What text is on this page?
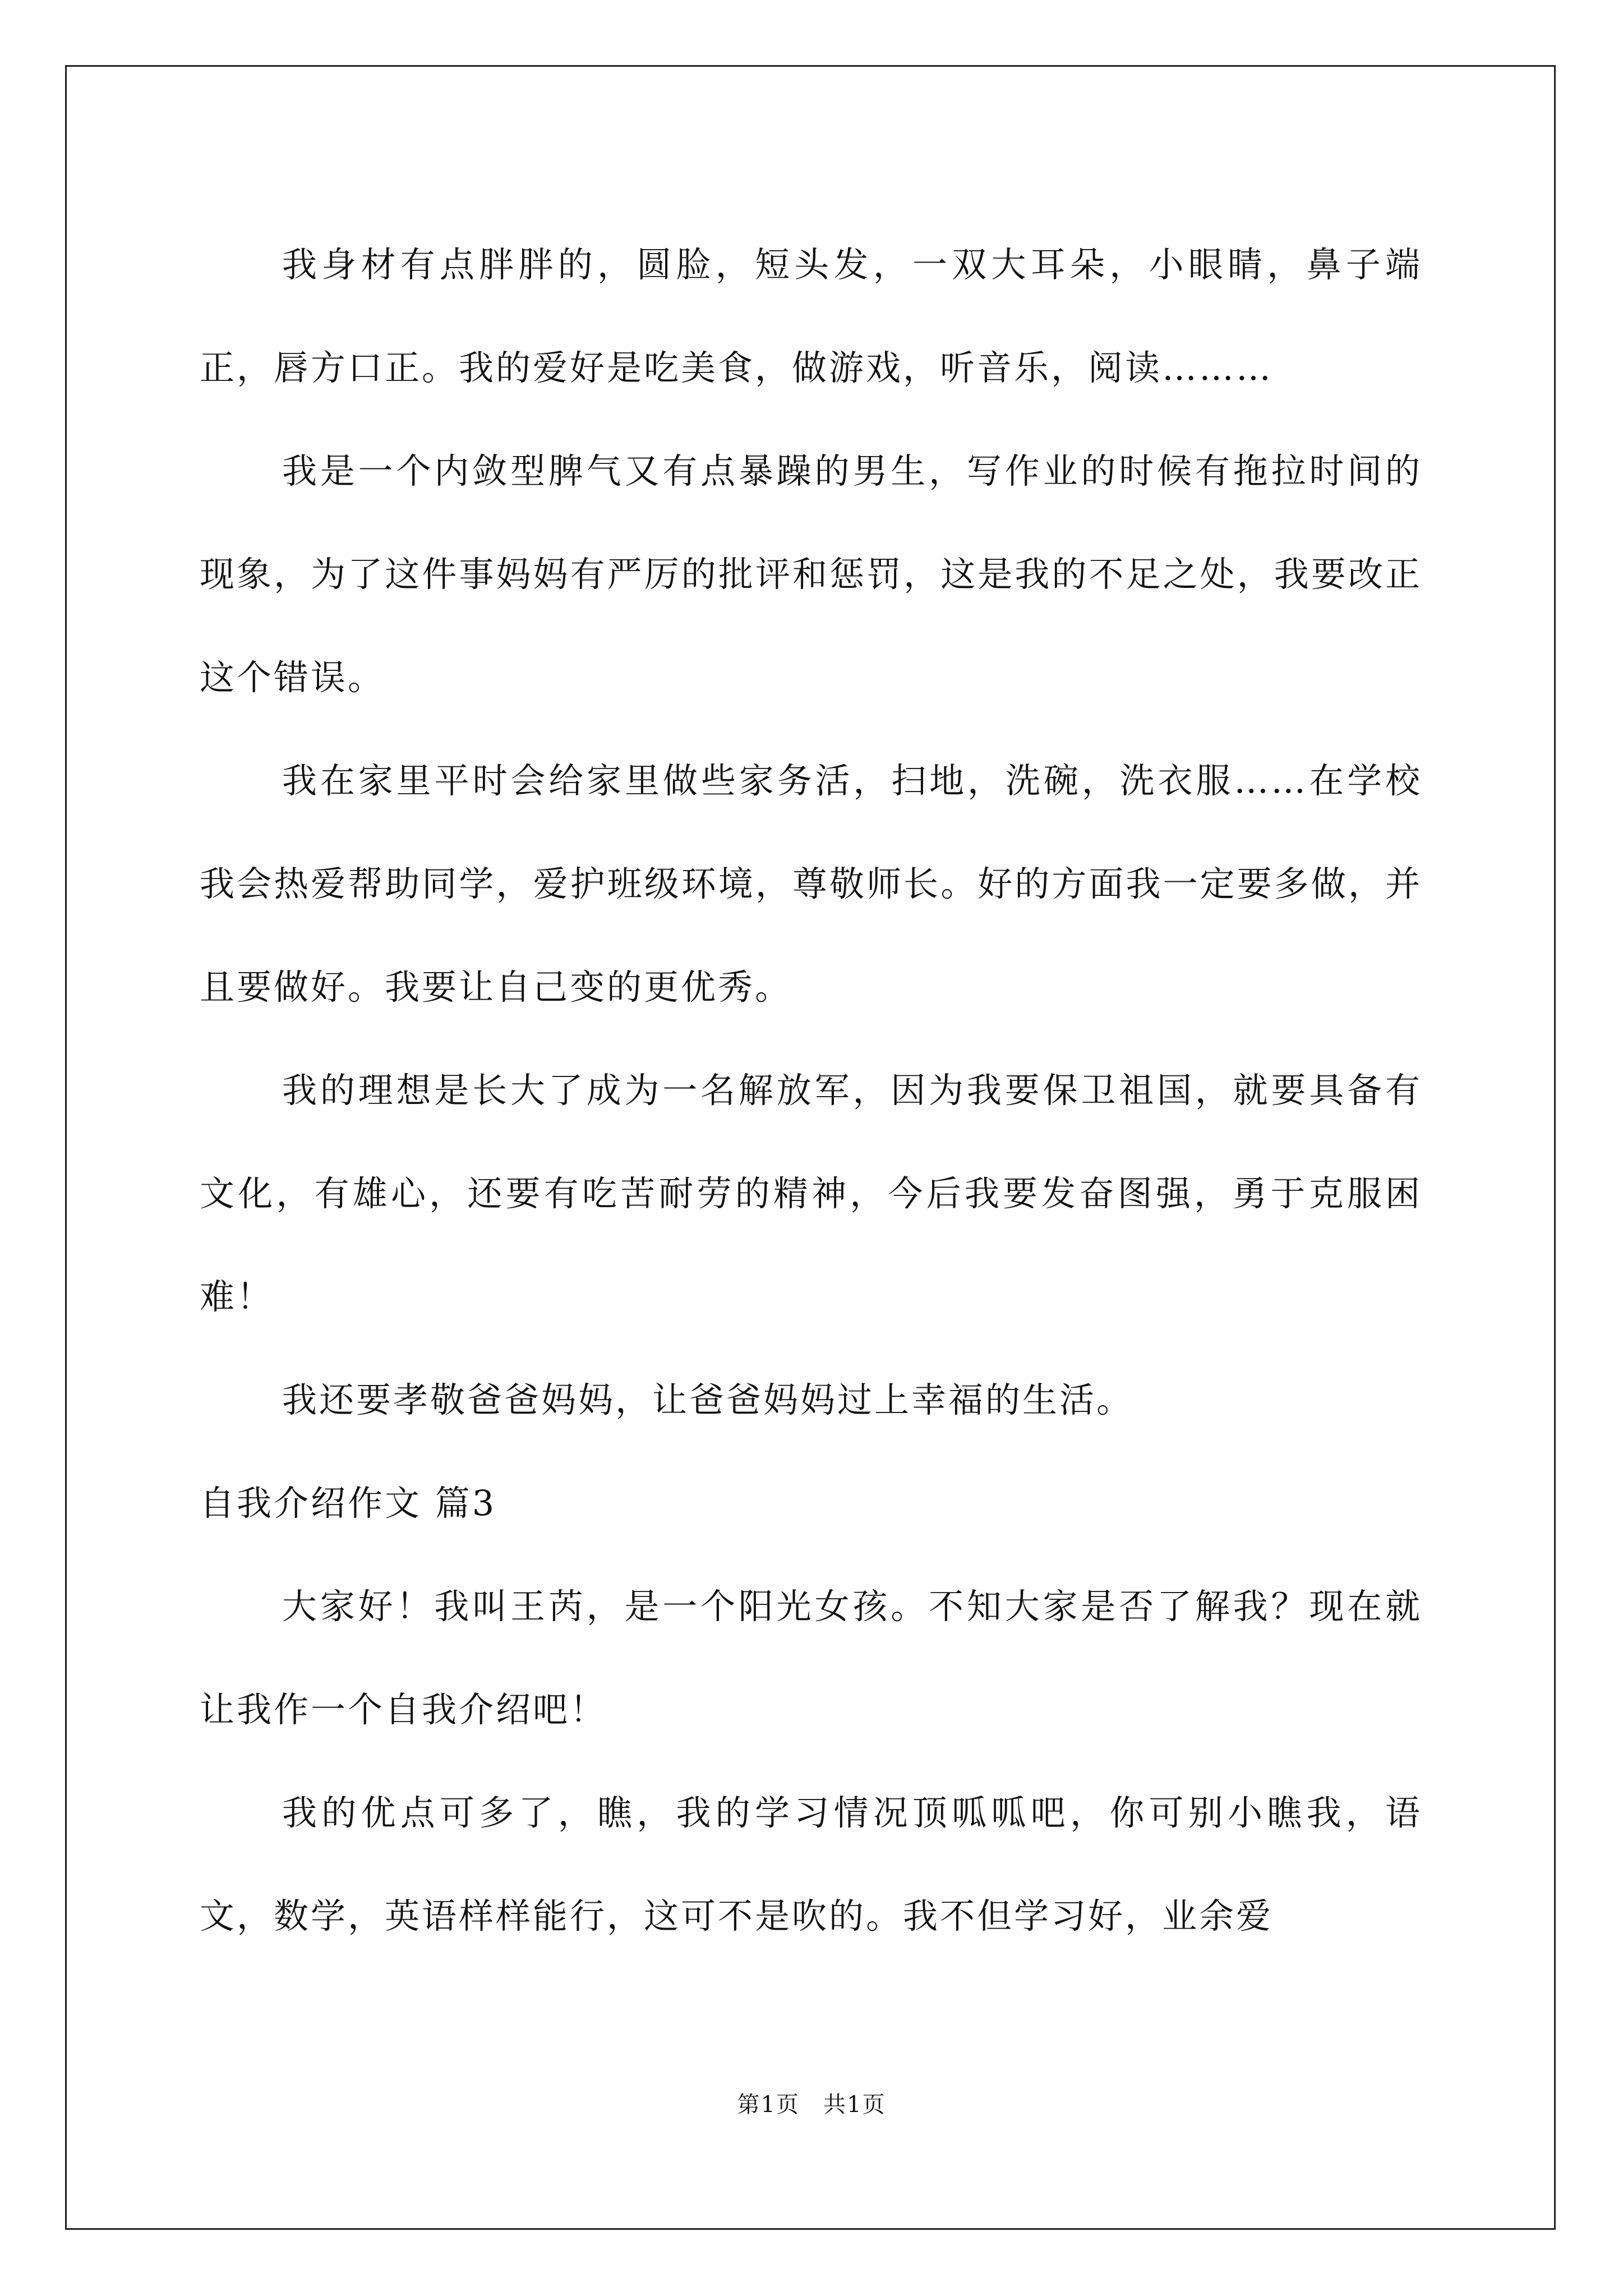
我身材有点胖胖的，圆脸，短头发，一双大耳朵，小眼睛，鼻子端正，唇方口正。我的爱好是吃美食，做游戏，听音乐，阅读………

我是一个内敛型脾气又有点暴躁的男生，写作业的时候有拖拉时间的现象，为了这件事妈妈有严厉的批评和惩罚，这是我的不足之处，我要改正这个错误。

我在家里平时会给家里做些家务活，扫地，洗碗，洗衣服……在学校我会热爱帮助同学，爱护班级环境，尊敬师长。好的方面我一定要多做，并且要做好。我要让自己变的更优秀。

我的理想是长大了成为一名解放军，因为我要保卫祖国，就要具备有文化，有雄心，还要有吃苦耐劳的精神，今后我要发奋图强，勇于克服困难！

我还要孝敬爸爸妈妈，让爸爸妈妈过上幸福的生活。

自我介绍作文 篇3

大家好！我叫王芮，是一个阳光女孩。不知大家是否了解我？现在就让我作一个自我介绍吧！

我的优点可多了，瞧，我的学习情况顶呱呱吧，你可别小瞧我，语文，数学，英语样样能行，这可不是吹的。我不但学习好，业余爱

第1页　共1页
